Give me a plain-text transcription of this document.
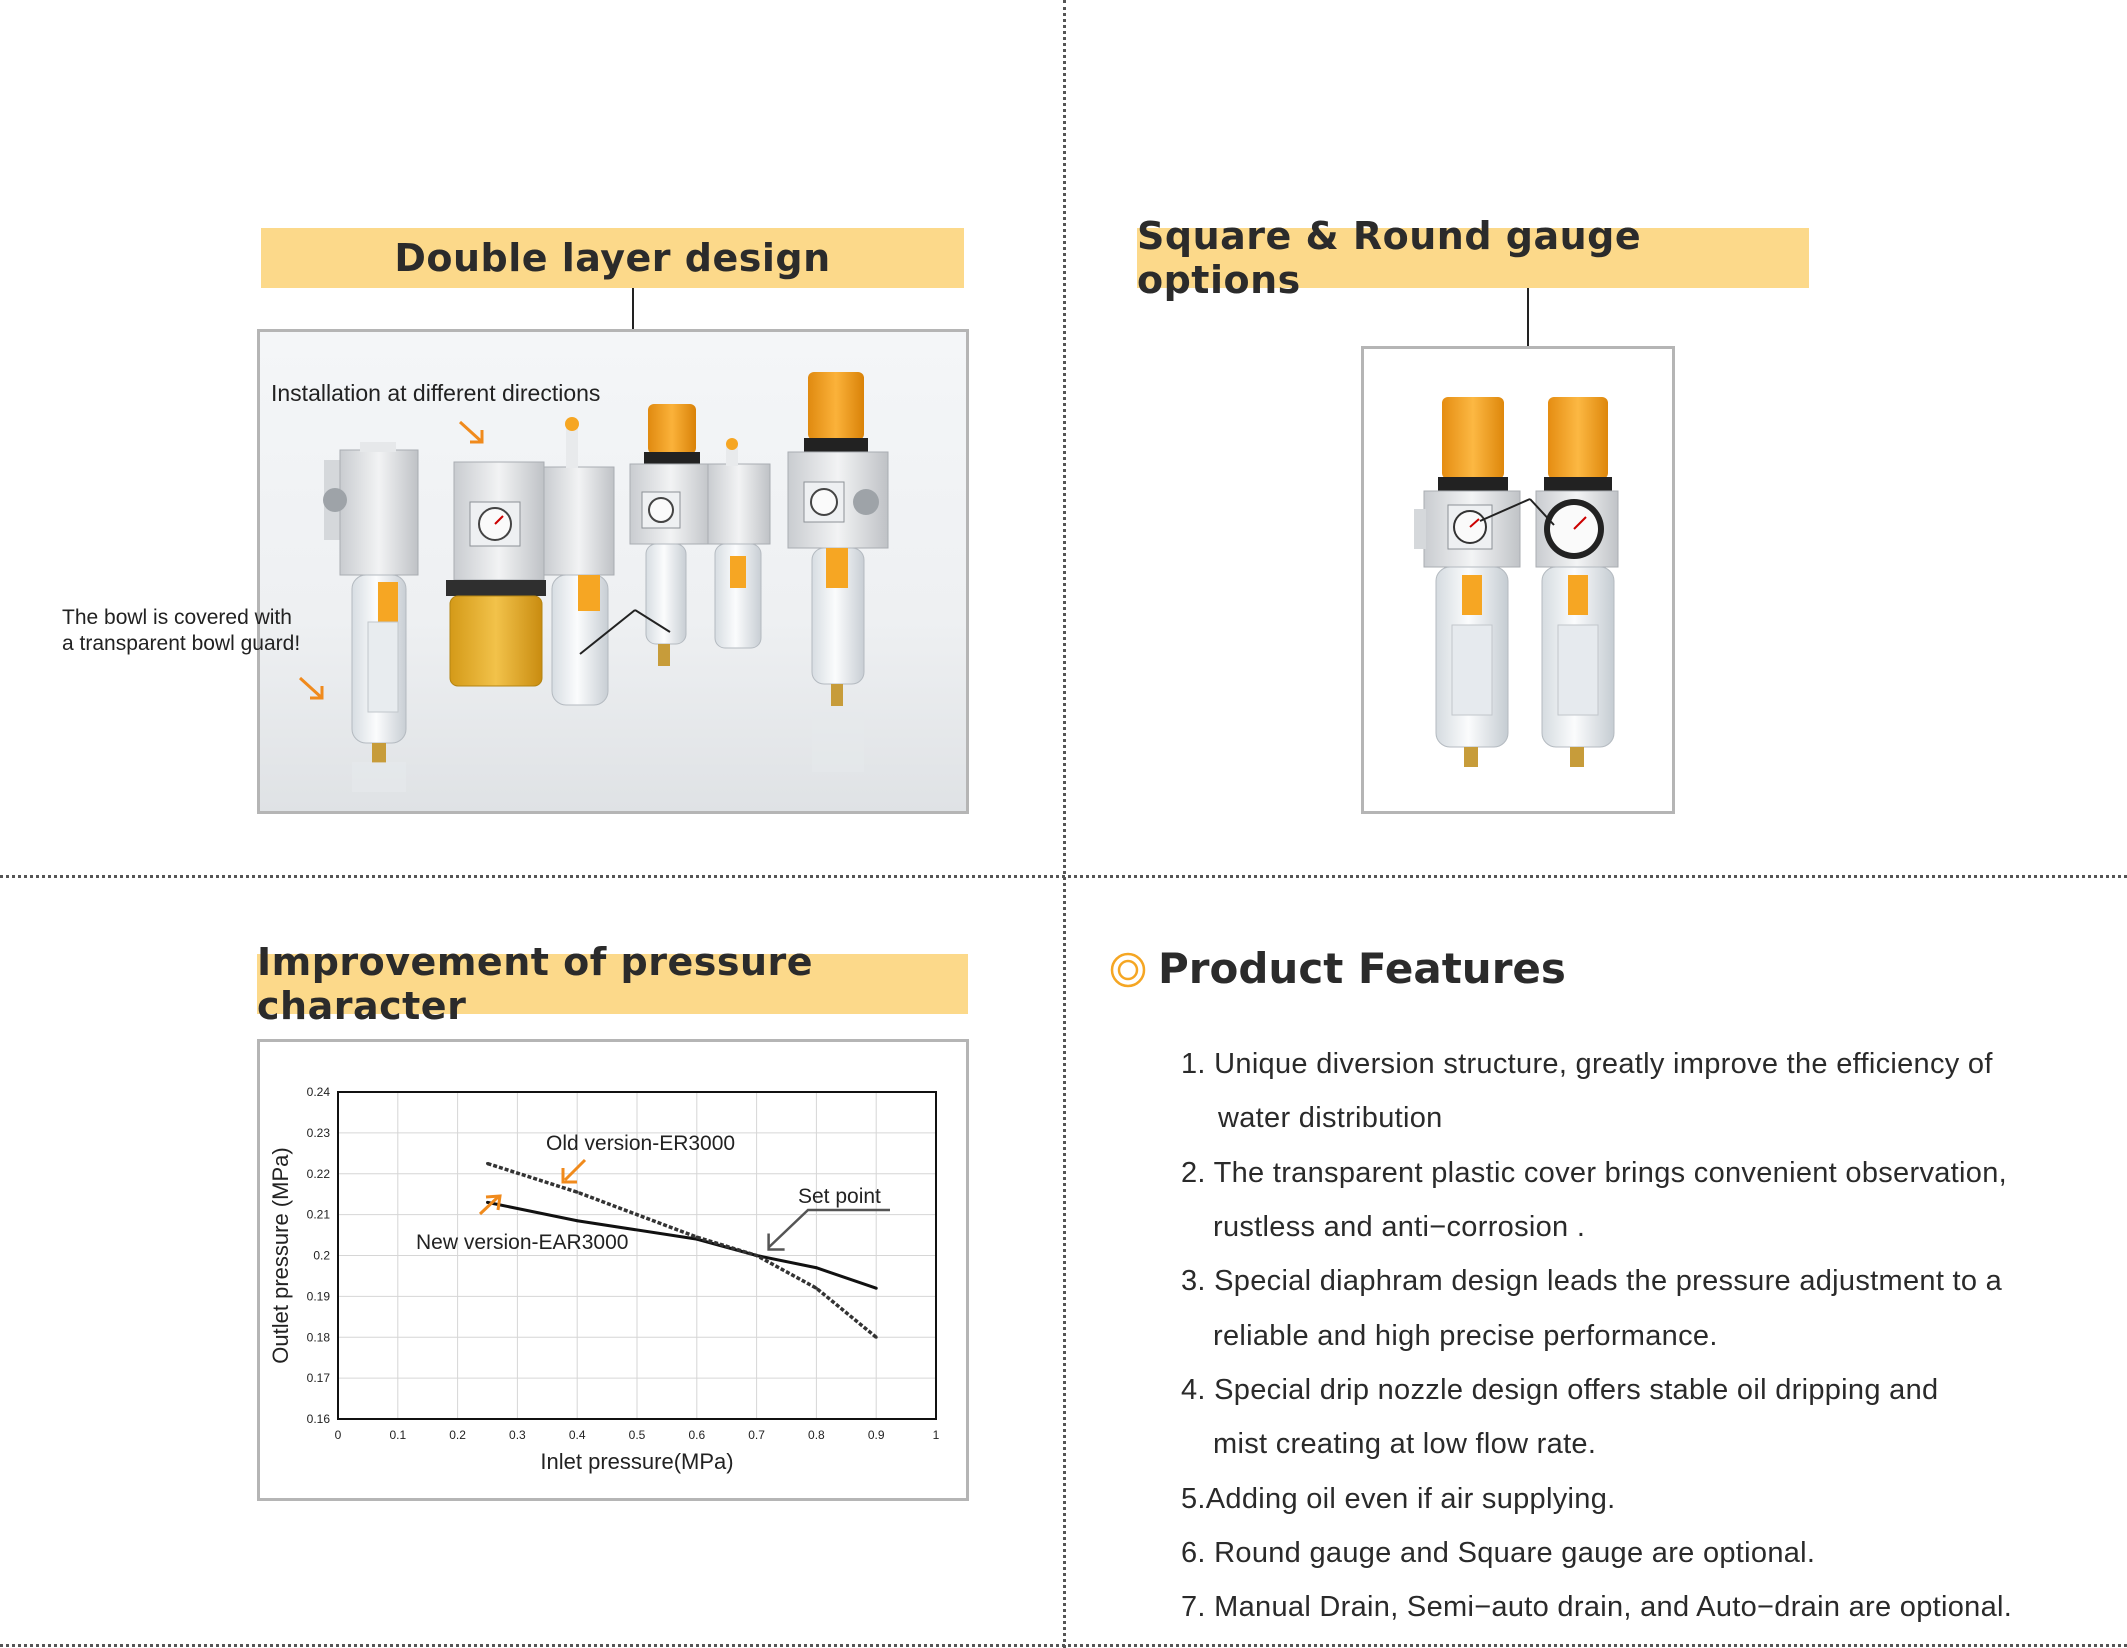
Double layer design
Installation at different directions
The bowl is covered with
a transparent bowl guard!
Square & Round gauge options
Improvement of pressure character
0.16
0.17
0.18
0.19
0.2
0.21
0.22
0.23
0.24
0	0.1	0.2	0.3	0.4	0.5	0.6	0.7	0.8	0.9	1
Inlet pressure(MPa)
Outlet pressure (MPa)
Old version-ER3000
New version-EAR3000
Set point
Product Features
1. Unique diversion structure, greatly improve the efficiency of
water distribution
2. The transparent plastic cover brings convenient observation,
rustless and anti−corrosion .
3. Special diaphram design leads the pressure adjustment to a
reliable and high precise performance.
4. Special drip nozzle design offers stable oil dripping and
mist creating at low flow rate.
5.Adding oil even if air supplying.
6. Round gauge and Square gauge are optional.
7. Manual Drain, Semi−auto drain, and Auto−drain are optional.
